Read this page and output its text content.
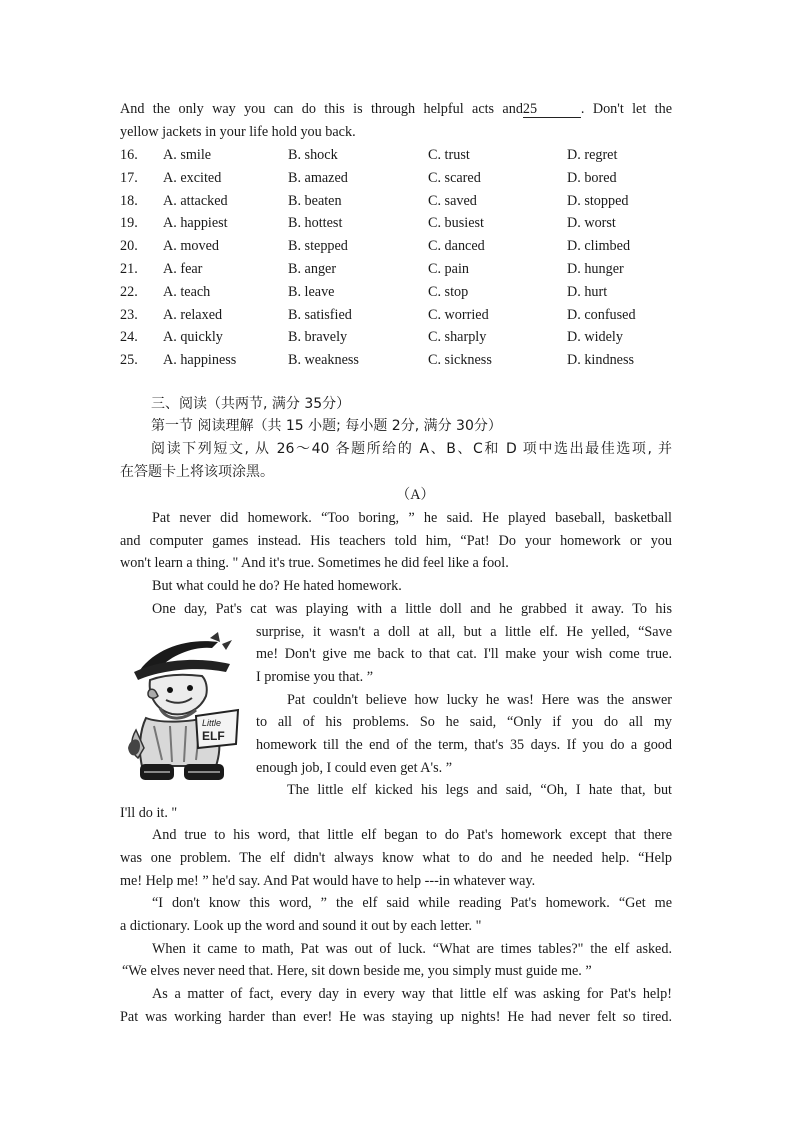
And the only way you can do this is through helpful acts and25	. Don't let the
yellow jackets in your life hold you back.
16. A. smile	B. shock	C. trust	D. regret
17. A. excited	B. amazed	C. scared	D. bored
18. A. attacked	B. beaten	C. saved	D. stopped
19. A. happiest	B. hottest	C. busiest	D. worst
20. A. moved	B. stepped	C. danced	D. climbed
21. A. fear	B. anger	C. pain	D. hunger
22. A. teach	B. leave	C. stop	D. hurt
23. A. relaxed	B. satisfied	C. worried	D. confused
24. A. quickly	B. bravely	C. sharply	D. widely
25. A. happiness	B. weakness	C. sickness	D. kindness
三、阅读（共两节, 满分 35分）
第一节 阅读理解（共 15 小题; 每小题 2分, 满分 30分）
阅读下列短文, 从 26～40 各题所给的 A、B、C和 D 项中选出最佳选项, 并
在答题卡上将该项涂黑。
（A）
Pat never did homework. “Too boring, ” he said. He played baseball, basketball
and computer games instead. His teachers told him, “Pat! Do your homework or you
won't learn a thing. " And it's true. Sometimes he did feel like a fool.
But what could he do? He hated homework.
One day, Pat's cat was playing with a little doll and he grabbed it away. To his
surprise, it wasn't a doll at all, but a little elf. He yelled, “Save
me! Don't give me back to that cat. I'll make your wish come true.
I promise you that. ”
Pat couldn't believe how lucky he was! Here was the answer
to all of his problems. So he said, “Only if you do all my
homework till the end of the term, that's 35 days. If you do a good
enough job, I could even get A's. ”
The little elf kicked his legs and said, “Oh, I hate that, but
I'll do it. "
And true to his word, that little elf began to do Pat's homework except that there
was one problem. The elf didn't always know what to do and he needed help. “Help
me! Help me! ” he'd say. And Pat would have to help ---in whatever way.
“I don't know this word, ” the elf said while reading Pat's homework. “Get me
a dictionary. Look up the word and sound it out by each letter. "
When it came to math, Pat was out of luck. “What are times tables?" the elf asked.
“We elves never need that. Here, sit down beside me, you simply must guide me. ”
As a matter of fact, every day in every way that little elf was asking for Pat's help!
Pat was working harder than ever! He was staying up nights! He had never felt so tired.
Little
ELF
